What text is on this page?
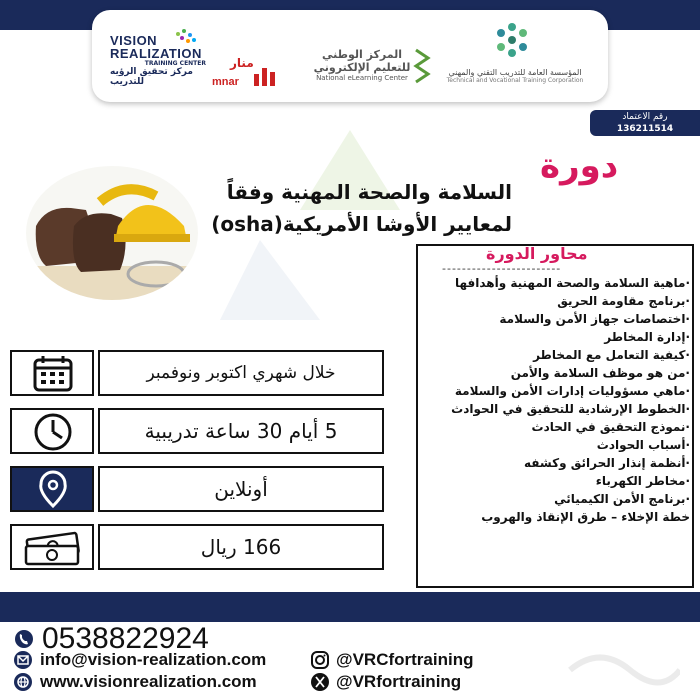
VISION
REALIZATION
TRAINING CENTER
مركز تحقيق الرؤيه للتدريب
منار
mnar
المركز الوطني
للتعليم الإلكتروني
National eLearning Center
المؤسسة العامة للتدريب التقني والمهني
Technical and Vocational Training Corporation
رقم الاعتماد
136211514
دورة
السلامة والصحة المهنية وفقاً
لمعايير الأوشا الأمريكية(osha)
محاور الدورة
------------------------
·ماهية السلامة والصحة المهنية وأهدافها
·برنامج مقاومة الحريق
·اختصاصات جهاز الأمن والسلامة
·إدارة المخاطر
·كيفية التعامل مع المخاطر
·من هو موظف السلامة والأمن
·ماهي مسؤوليات إدارات الأمن والسلامة
·الخطوط الإرشادية للتحقيق في الحوادث
·نموذج التحقيق في الحادث
·أسباب الحوادث
·أنظمة إنذار الحرائق وكشفه
·مخاطر الكهرباء
·برنامج الأمن الكيميائي
خطة الإخلاء – طرق الإنقاذ والهروب
خلال شهري اكتوبر ونوفمبر
5 أيام 30 ساعة تدريبية
أونلاين
166 ريال
0538822924
info@vision-realization.com
www.visionrealization.com
@VRCfortraining
@VRfortraining
